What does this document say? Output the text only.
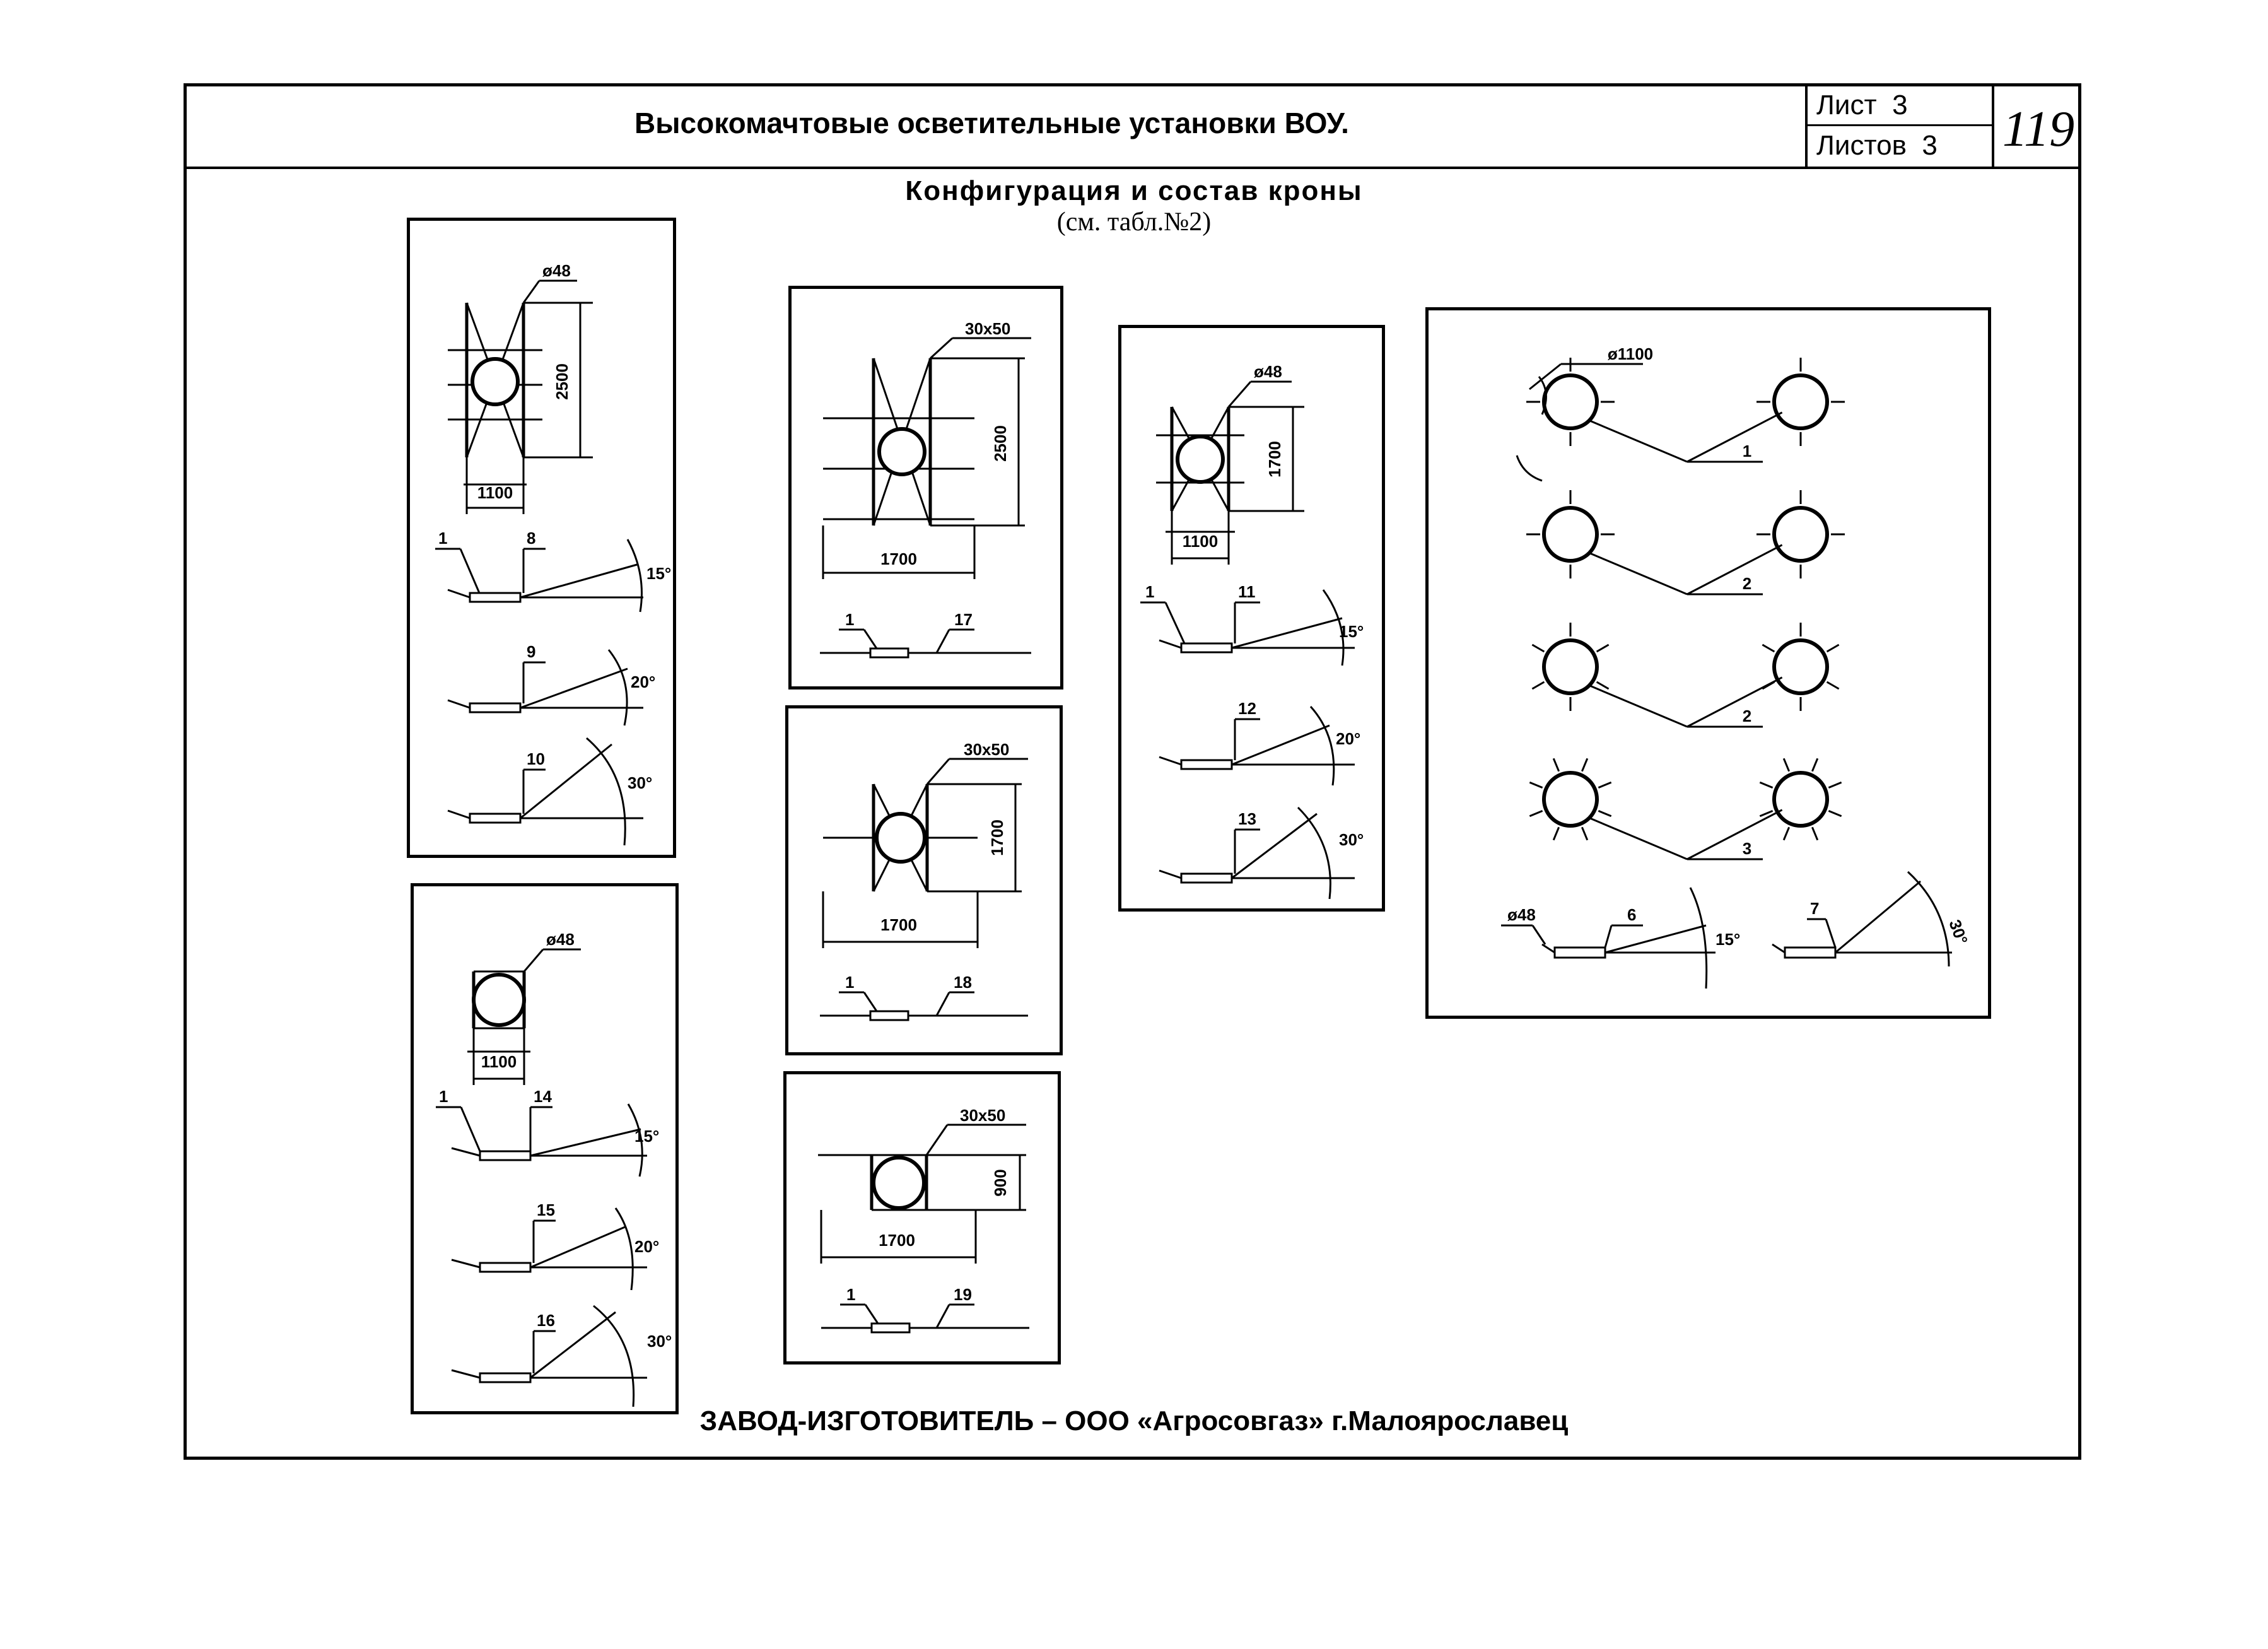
Высокомачтовые осветительные установки ВОУ.
Лист 3
Листов 3 119
Конфигурация и состав кроны
(см. табл.№2)
ø48
2500
1100
1	8
15°
9
20°
10
30°
ø48
1100
1	14
15°
15
20°
16
30°
30x50
2500
1700
1	17
30x50
1700
1700
1	18
30x50
900
1700
1	19
ø48
1700
1100
1	11
15°
12
20°
13
30°
1
2
2
3
ø1100
ø48	6
15°
7
30°
ЗАВОД-ИЗГОТОВИТЕЛЬ – ООО «Агросовгаз» г.Малоярославец
